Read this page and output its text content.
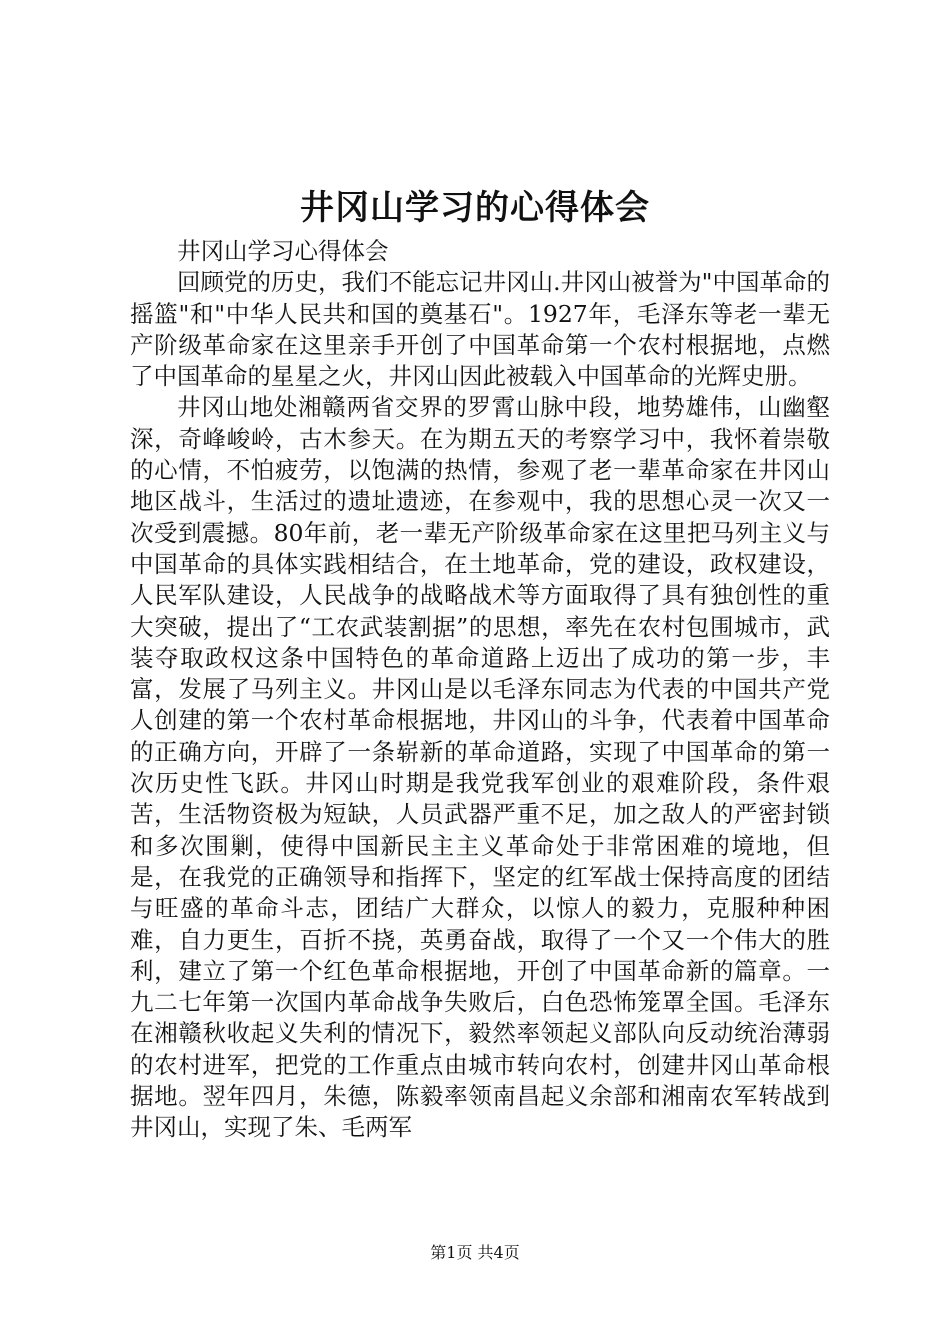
井冈山学习的心得体会

井冈山学习心得体会

回顾党的历史，我们不能忘记井冈山.井冈山被誉为"中国革命的摇篮"和"中华人民共和国的奠基石"。1927年，毛泽东等老一辈无产阶级革命家在这里亲手开创了中国革命第一个农村根据地，点燃了中国革命的星星之火，井冈山因此被载入中国革命的光辉史册。

井冈山地处湘赣两省交界的罗霄山脉中段，地势雄伟，山幽壑深，奇峰峻岭，古木参天。在为期五天的考察学习中，我怀着崇敬的心情，不怕疲劳，以饱满的热情，参观了老一辈革命家在井冈山地区战斗，生活过的遗址遗迹，在参观中，我的思想心灵一次又一次受到震撼。80年前，老一辈无产阶级革命家在这里把马列主义与中国革命的具体实践相结合，在土地革命，党的建设，政权建设，人民军队建设，人民战争的战略战术等方面取得了具有独创性的重大突破，提出了“工农武装割据”的思想，率先在农村包围城市，武装夺取政权这条中国特色的革命道路上迈出了成功的第一步，丰富，发展了马列主义。井冈山是以毛泽东同志为代表的中国共产党人创建的第一个农村革命根据地，井冈山的斗争，代表着中国革命的正确方向，开辟了一条崭新的革命道路，实现了中国革命的第一次历史性飞跃。井冈山时期是我党我军创业的艰难阶段，条件艰苦，生活物资极为短缺，人员武器严重不足，加之敌人的严密封锁和多次围剿，使得中国新民主主义革命处于非常困难的境地，但是，在我党的正确领导和指挥下，坚定的红军战士保持高度的团结与旺盛的革命斗志，团结广大群众，以惊人的毅力，克服种种困难，自力更生，百折不挠，英勇奋战，取得了一个又一个伟大的胜利，建立了第一个红色革命根据地，开创了中国革命新的篇章。一九二七年第一次国内革命战争失败后，白色恐怖笼罩全国。毛泽东在湘赣秋收起义失利的情况下，毅然率领起义部队向反动统治薄弱的农村进军，把党的工作重点由城市转向农村，创建井冈山革命根据地。翌年四月，朱德，陈毅率领南昌起义余部和湘南农军转战到井冈山，实现了朱、毛两军

第1页 共4页
